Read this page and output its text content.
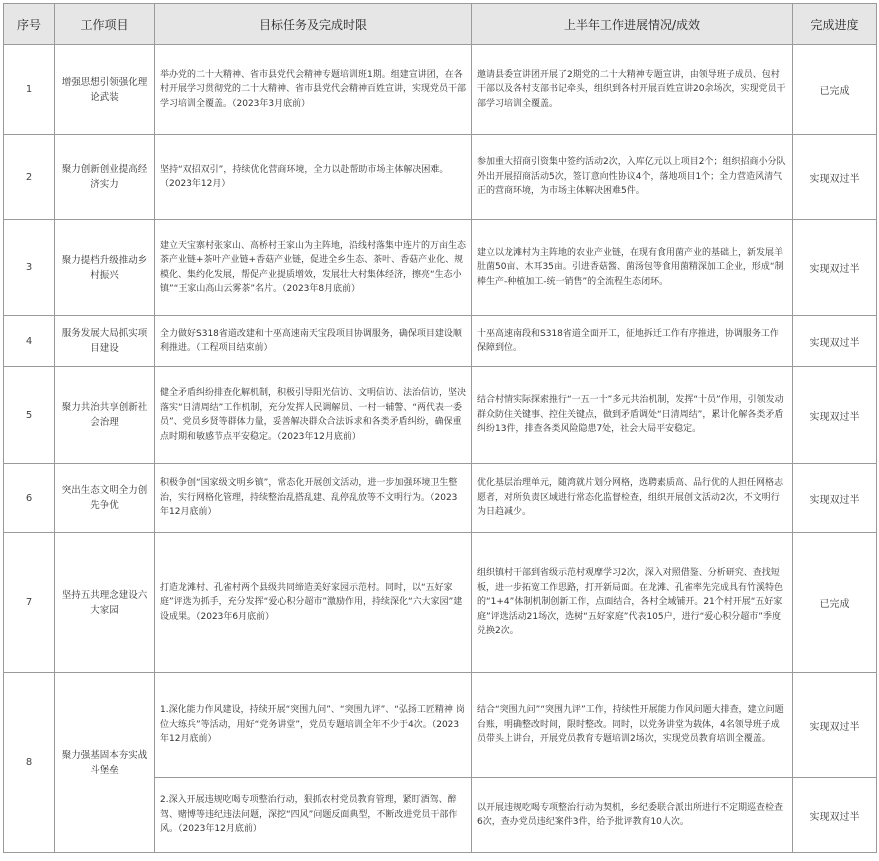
序号	工作项目	目标任务及完成时限	上半年工作进展情况/成效	完成进度
1	增强思想引领强化理论武装	举办党的二十大精神、省市县党代会精神专题培训班1期。组建宣讲团，在各村开展学习贯彻党的二十大精神、省市县党代会精神百姓宣讲，实现党员干部学习培训全覆盖。（2023年3月底前）	邀请县委宣讲团开展了2期党的二十大精神专题宣讲，由领导班子成员、包村干部以及各村支部书记牵头，组织到各村开展百姓宣讲20余场次，实现党员干部学习培训全覆盖。	已完成
2	聚力创新创业提高经济实力	坚持“双招双引”，持续优化营商环境，全力以赴帮助市场主体解决困难。（2023年12月）	参加重大招商引资集中签约活动2次，入库亿元以上项目2个；组织招商小分队外出开展招商活动5次，签订意向性协议4个，落地项目1个；全力营造风清气正的营商环境，为市场主体解决困难5件。	实现双过半
3	聚力提档升级推动乡村振兴	建立天宝寨村张家山、高桥村王家山为主阵地，沿线村落集中连片的万亩生态茶产业链+茶叶产业链+香菇产业链，促进全乡生态、茶叶、香菇产业化、规模化、集约化发展，帮促产业提质增效，发展壮大村集体经济，擦亮“生态小镇”“王家山高山云雾茶”名片。（2023年8月底前）	建立以龙滩村为主阵地的农业产业链，在现有食用菌产业的基础上，新发展羊肚菌50亩、木耳35亩。引进香菇酱、菌汤包等食用菌精深加工企业，形成“制棒生产-种植加工-统一销售”的全流程生态闭环。	实现双过半
4	服务发展大局抓实项目建设	全力做好S318省道改建和十巫高速南天宝段项目协调服务，确保项目建设顺利推进。（工程项目结束前）	十巫高速南段和S318省道全面开工，征地拆迁工作有序推进，协调服务工作保障到位。	实现双过半
5	聚力共治共享创新社会治理	健全矛盾纠纷排查化解机制，积极引导阳光信访、文明信访、法治信访，坚决落实“日清周结”工作机制，充分发挥人民调解员、一村一辅警、“两代表一委员”、党员乡贤等群体力量，妥善解决群众合法诉求和各类矛盾纠纷，确保重点时期和敏感节点平安稳定。（2023年12月底前）	结合村情实际探索推行“一五一十”多元共治机制，发挥“十员”作用，引领发动群众防住关键事、控住关键点，做到矛盾调处“日清周结”，累计化解各类矛盾纠纷13件，排查各类风险隐患7处，社会大局平安稳定。	实现双过半
6	突出生态文明全力创先争优	积极争创“国家级文明乡镇”，常态化开展创文活动，进一步加强环境卫生整治，实行网格化管理，持续整治乱搭乱建、乱停乱放等不文明行为。（2023年12月底前）	优化基层治理单元，随湾就片划分网格，选聘素质高、品行优的人担任网格志愿者，对所负责区域进行常态化监督检查，组织开展创文活动2次，不文明行为日趋减少。	实现双过半
7	坚持五共理念建设六大家园	打造龙滩村、孔雀村两个县级共同缔造美好家园示范村。同时，以“五好家庭”评选为抓手，充分发挥“爱心积分超市”激励作用，持续深化“六大家园”建设成果。（2023年6月底前）	组织镇村干部到省级示范村观摩学习2次，深入对照借鉴、分析研究、查找短板，进一步拓宽工作思路，打开新局面。在龙滩、孔雀率先完成具有竹溪特色的“1+4”体制机制创新工作，点面结合，各村全域铺开。21个村开展“五好家庭”评选活动21场次，选树“五好家庭”代表105户，进行“爱心积分超市”季度兑换2次。	已完成
8	聚力强基固本夯实战斗堡垒	1.深化能力作风建设，持续开展“突围九问”、“突围九评”、“弘扬工匠精神 岗位大练兵”等活动，用好“党务讲堂”，党员专题培训全年不少于4次。（2023年12月底前）	结合“突围九问”“突围九评”工作，持续性开展能力作风问题大排查，建立问题台账，明确整改时间，限时整改。同时，以党务讲堂为载体，4名领导班子成员带头上讲台，开展党员教育专题培训2场次，实现党员教育培训全覆盖。	实现双过半
		2.深入开展违规吃喝专项整治行动，狠抓农村党员教育管理，紧盯酒驾、醉驾、赌博等违纪违法问题，深挖“四风”问题反面典型，不断改进党员干部作风。（2023年12月底前）	以开展违规吃喝专项整治行动为契机，乡纪委联合派出所进行不定期巡查检查6次，查办党员违纪案件3件，给予批评教育10人次。	实现双过半
